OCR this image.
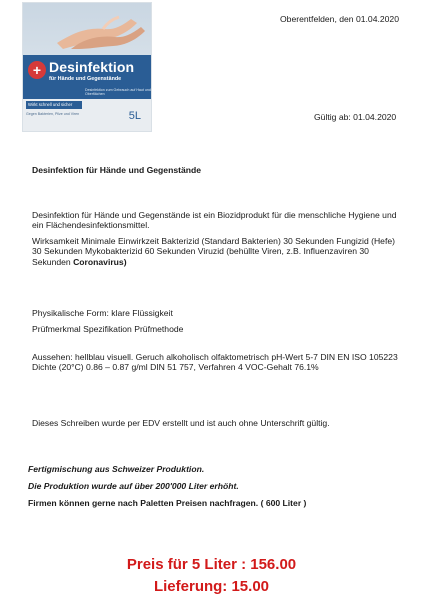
+ Desinfektion
für Hände und Gegenstände
Desinfektion zum Gebrauch auf Haut und Oberflächen
Wirkt schnell und sicher
Gegen Bakterien, Pilze und Viren	5L
Oberentfelden, den 01.04.2020
Gültig ab: 01.04.2020
Desinfektion für Hände und Gegenstände
Desinfektion für Hände und Gegenstände ist ein Biozidprodukt für die menschliche Hygiene und ein Flächendesinfektionsmittel.
Wirksamkeit Minimale Einwirkzeit Bakterizid (Standard Bakterien) 30 Sekunden Fungizid (Hefe) 30 Sekunden Mykobakterizid 60 Sekunden Viruzid (behüllte Viren, z.B. Influenzaviren 30 Sekunden Coronavirus)
Physikalische Form: klare Flüssigkeit
Prüfmerkmal Spezifikation Prüfmethode
Aussehen: hellblau visuell. Geruch alkoholisch olfaktometrisch pH-Wert 5-7 DIN EN ISO 105223 Dichte (20°C) 0.86 – 0.87 g/ml DIN 51 757, Verfahren 4 VOC-Gehalt 76.1%
Dieses Schreiben wurde per EDV erstellt und ist auch ohne Unterschrift gültig.
Fertigmischung aus Schweizer Produktion.
Die Produktion wurde auf über 200'000 Liter erhöht.
Firmen können gerne nach Paletten Preisen nachfragen. ( 600 Liter )
Preis für 5 Liter : 156.00
Lieferung: 15.00
